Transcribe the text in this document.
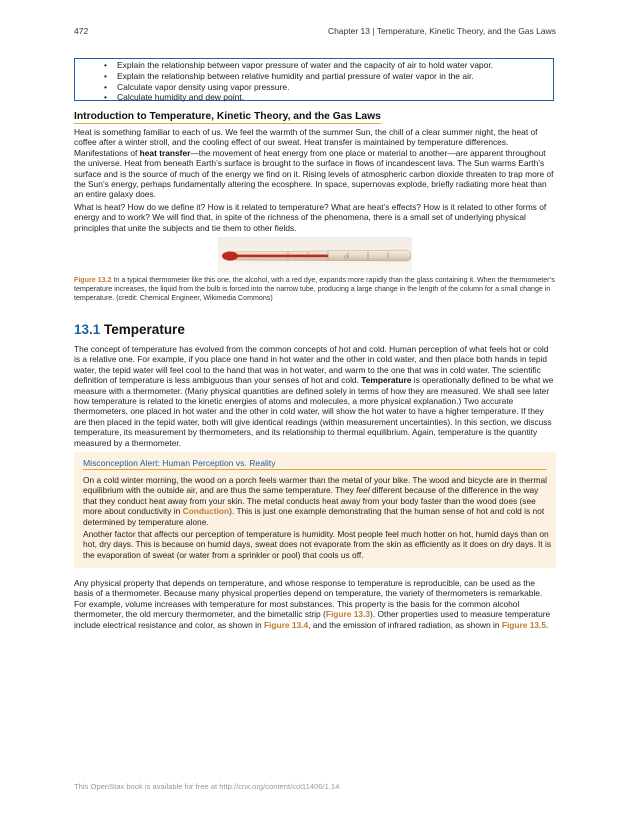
472	Chapter 13 | Temperature, Kinetic Theory, and the Gas Laws
• Explain the relationship between vapor pressure of water and the capacity of air to hold water vapor.
• Explain the relationship between relative humidity and partial pressure of water vapor in the air.
• Calculate vapor density using vapor pressure.
• Calculate humidity and dew point.
Introduction to Temperature, Kinetic Theory, and the Gas Laws

Heat is something familiar to each of us. We feel the warmth of the summer Sun, the chill of a clear summer night, the heat of coffee after a winter stroll, and the cooling effect of our sweat. Heat transfer is maintained by temperature differences. Manifestations of heat transfer—the movement of heat energy from one place or material to another—are apparent throughout the universe. Heat from beneath Earth’s surface is brought to the surface in flows of incandescent lava. The Sun warms Earth’s surface and is the source of much of the energy we find on it. Rising levels of atmospheric carbon dioxide threaten to trap more of the Sun’s energy, perhaps fundamentally altering the ecosphere. In space, supernovas explode, briefly radiating more heat than an entire galaxy does.

What is heat? How do we define it? How is it related to temperature? What are heat’s effects? How is it related to other forms of energy and to work? We will find that, in spite of the richness of the phenomena, there is a small set of underlying physical principles that unite the subjects and tie them to other fields.

Figure 13.2 In a typical thermometer like this one, the alcohol, with a red dye, expands more rapidly than the glass containing it. When the thermometer’s temperature increases, the liquid from the bulb is forced into the narrow tube, producing a large change in the length of the column for a small change in temperature. (credit: Chemical Engineer, Wikimedia Commons)

13.1 Temperature

The concept of temperature has evolved from the common concepts of hot and cold. Human perception of what feels hot or cold is a relative one. For example, if you place one hand in hot water and the other in cold water, and then place both hands in tepid water, the tepid water will feel cool to the hand that was in hot water, and warm to the one that was in cold water. The scientific definition of temperature is less ambiguous than your senses of hot and cold. Temperature is operationally defined to be what we measure with a thermometer. (Many physical quantities are defined solely in terms of how they are measured. We shall see later how temperature is related to the kinetic energies of atoms and molecules, a more physical explanation.) Two accurate thermometers, one placed in hot water and the other in cold water, will show the hot water to have a higher temperature. If they are then placed in the tepid water, both will give identical readings (within measurement uncertainties). In this section, we discuss temperature, its measurement by thermometers, and its relationship to thermal equilibrium. Again, temperature is the quantity measured by a thermometer.

Misconception Alert: Human Perception vs. Reality

On a cold winter morning, the wood on a porch feels warmer than the metal of your bike. The wood and bicycle are in thermal equilibrium with the outside air, and are thus the same temperature. They feel different because of the difference in the way that they conduct heat away from your skin. The metal conducts heat away from your body faster than the wood does (see more about conductivity in Conduction). This is just one example demonstrating that the human sense of hot and cold is not determined by temperature alone.

Another factor that affects our perception of temperature is humidity. Most people feel much hotter on hot, humid days than on hot, dry days. This is because on humid days, sweat does not evaporate from the skin as efficiently as it does on dry days. It is the evaporation of sweat (or water from a sprinkler or pool) that cools us off.

Any physical property that depends on temperature, and whose response to temperature is reproducible, can be used as the basis of a thermometer. Because many physical properties depend on temperature, the variety of thermometers is remarkable. For example, volume increases with temperature for most substances. This property is the basis for the common alcohol thermometer, the old mercury thermometer, and the bimetallic strip (Figure 13.3). Other properties used to measure temperature include electrical resistance and color, as shown in Figure 13.4, and the emission of infrared radiation, as shown in Figure 13.5.

This OpenStax book is available for free at http://cnx.org/content/col11406/1.14
